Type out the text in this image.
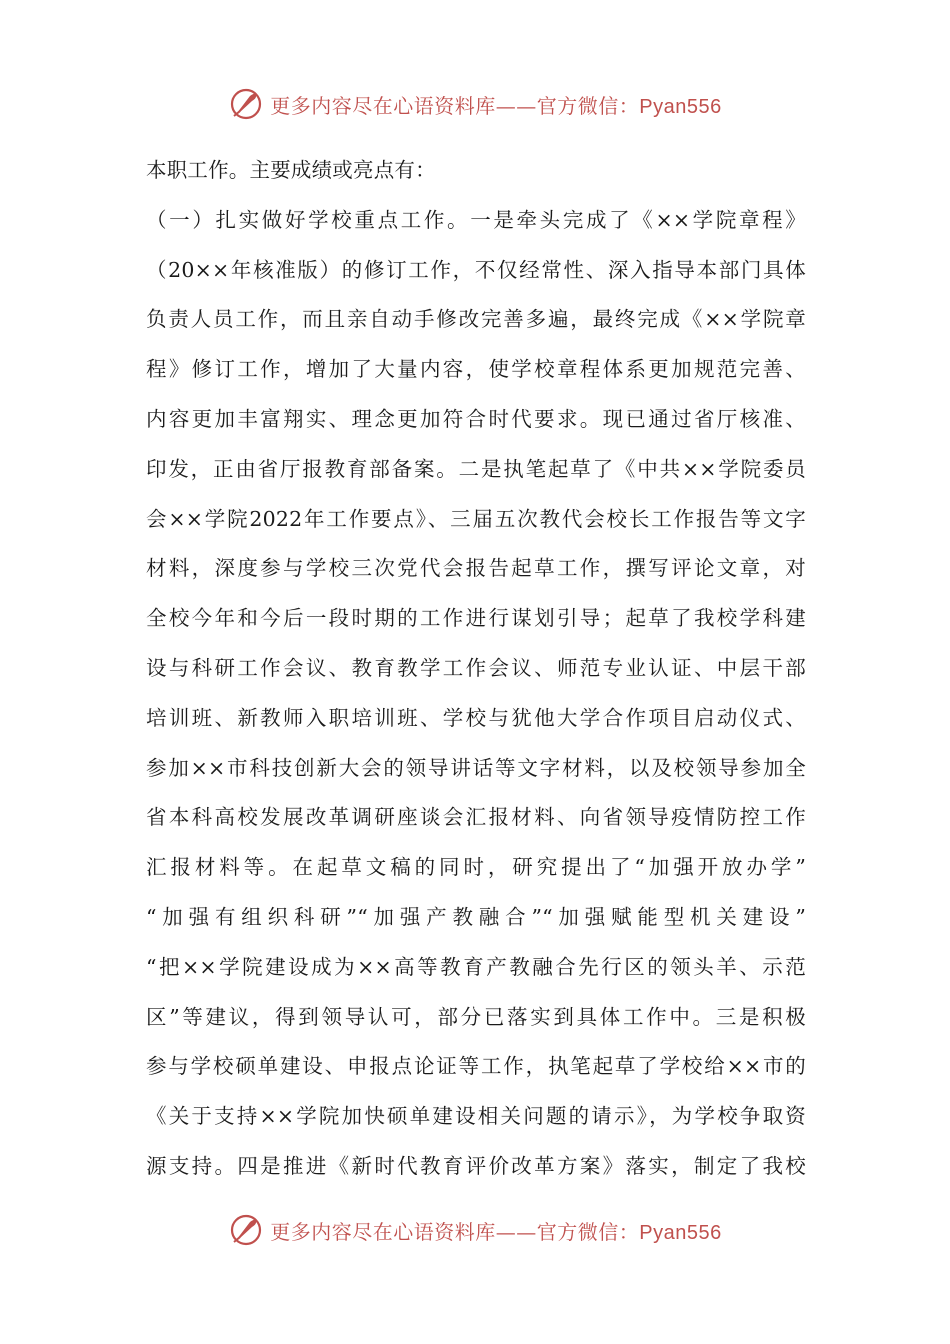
更多内容尽在心语资料库——官方微信：Pyan556
本职工作。主要成绩或亮点有：
（一）扎实做好学校重点工作。一是牵头完成了《××学院章程》
（20××年核准版）的修订工作，不仅经常性、深入指导本部门具体
负责人员工作，而且亲自动手修改完善多遍，最终完成《××学院章
程》修订工作，增加了大量内容，使学校章程体系更加规范完善、
内容更加丰富翔实、理念更加符合时代要求。现已通过省厅核准、
印发，正由省厅报教育部备案。二是执笔起草了《中共××学院委员
会××学院2022年工作要点》、三届五次教代会校长工作报告等文字
材料，深度参与学校三次党代会报告起草工作，撰写评论文章，对
全校今年和今后一段时期的工作进行谋划引导；起草了我校学科建
设与科研工作会议、教育教学工作会议、师范专业认证、中层干部
培训班、新教师入职培训班、学校与犹他大学合作项目启动仪式、
参加××市科技创新大会的领导讲话等文字材料，以及校领导参加全
省本科高校发展改革调研座谈会汇报材料、向省领导疫情防控工作
汇报材料等。在起草文稿的同时，研究提出了“加强开放办学”
“加强有组织科研”“加强产教融合”“加强赋能型机关建设”
“把××学院建设成为××高等教育产教融合先行区的领头羊、示范
区”等建议，得到领导认可，部分已落实到具体工作中。三是积极
参与学校硕单建设、申报点论证等工作，执笔起草了学校给××市的
《关于支持××学院加快硕单建设相关问题的请示》，为学校争取资
源支持。四是推进《新时代教育评价改革方案》落实，制定了我校
更多内容尽在心语资料库——官方微信：Pyan556
